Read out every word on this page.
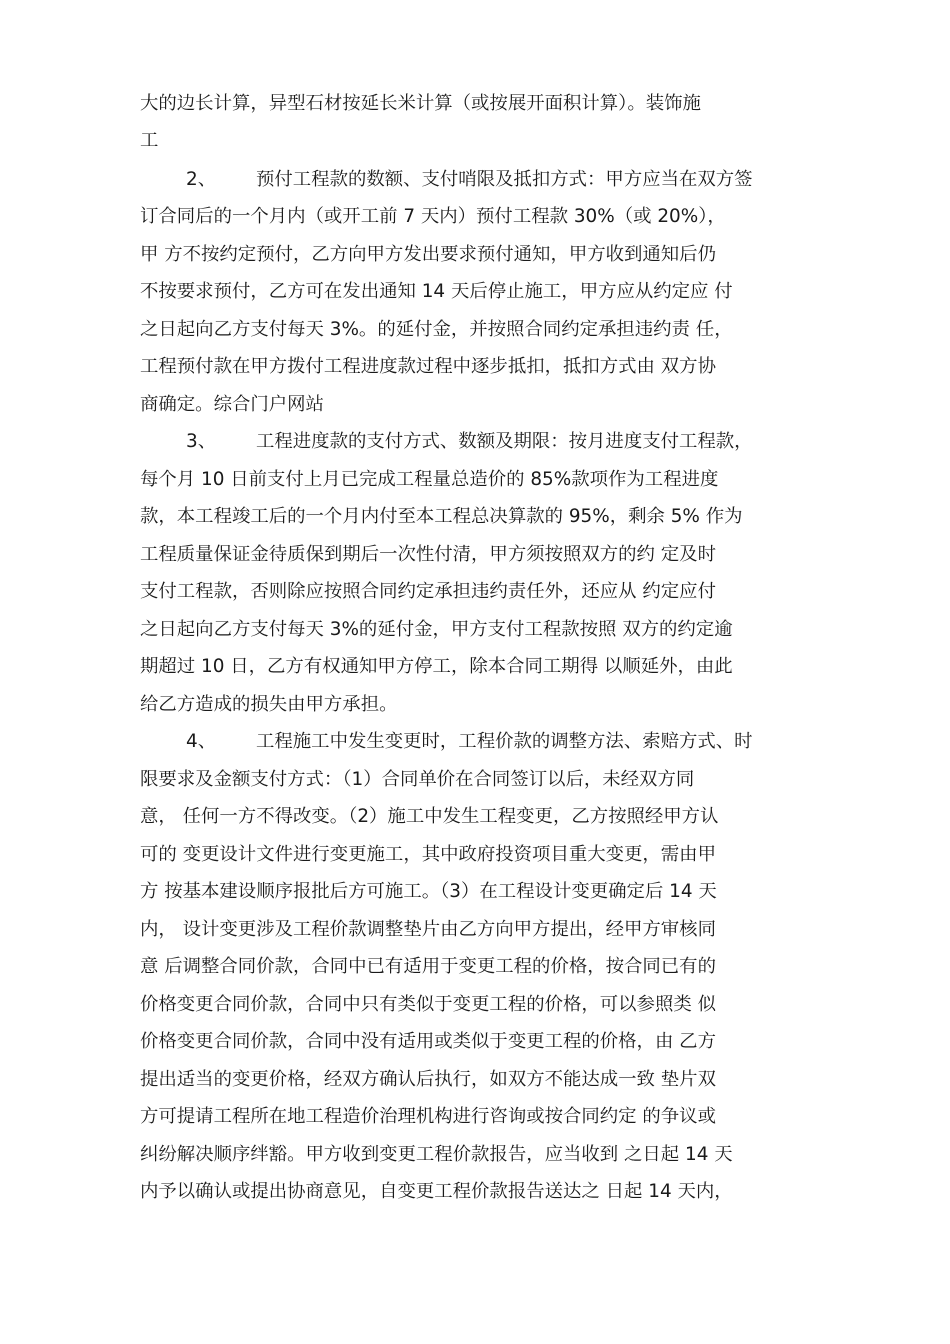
大的边长计算，异型石材按延长米计算（或按展开面积计算）。装饰施
工
2、 预付工程款的数额、支付哨限及抵扣方式：甲方应当在双方签
订合同后的一个月内（或开工前 7 天内）预付工程款 30%（或 20%），
甲 方不按约定预付，乙方向甲方发出要求预付通知，甲方收到通知后仍
不按要求预付，乙方可在发出通知 14 天后停止施工，甲方应从约定应 付
之日起向乙方支付每天 3%。的延付金，并按照合同约定承担违约责 任，
工程预付款在甲方拨付工程进度款过程中逐步抵扣，抵扣方式由 双方协
商确定。综合门户网站
3、 工程进度款的支付方式、数额及期限：按月进度支付工程款，
每个月 10 日前支付上月已完成工程量总造价的 85%款项作为工程进度
款，本工程竣工后的一个月内付至本工程总决算款的 95%，剩余 5% 作为
工程质量保证金待质保到期后一次性付清，甲方须按照双方的约 定及时
支付工程款，否则除应按照合同约定承担违约责任外，还应从 约定应付
之日起向乙方支付每天 3%的延付金，甲方支付工程款按照 双方的约定逾
期超过 10 日，乙方有权通知甲方停工，除本合同工期得 以顺延外，由此
给乙方造成的损失由甲方承担。
4、 工程施工中发生变更时，工程价款的调整方法、索赔方式、时
限要求及金额支付方式：（1）合同单价在合同签订以后，未经双方同
意， 任何一方不得改变。（2）施工中发生工程变更，乙方按照经甲方认
可的 变更设计文件进行变更施工，其中政府投资项目重大变更，需由甲
方 按基本建设顺序报批后方可施工。（3）在工程设计变更确定后 14 天
内， 设计变更涉及工程价款调整垫片由乙方向甲方提出，经甲方审核同
意 后调整合同价款，合同中已有适用于变更工程的价格，按合同已有的
价格变更合同价款，合同中只有类似于变更工程的价格，可以参照类 似
价格变更合同价款，合同中没有适用或类似于变更工程的价格，由 乙方
提出适当的变更价格，经双方确认后执行，如双方不能达成一致 垫片双
方可提请工程所在地工程造价治理机构进行咨询或按合同约定 的争议或
纠纷解决顺序绊豁。甲方收到变更工程价款报告，应当收到 之日起 14 天
内予以确认或提出协商意见，自变更工程价款报告送达之 日起 14 天内，
